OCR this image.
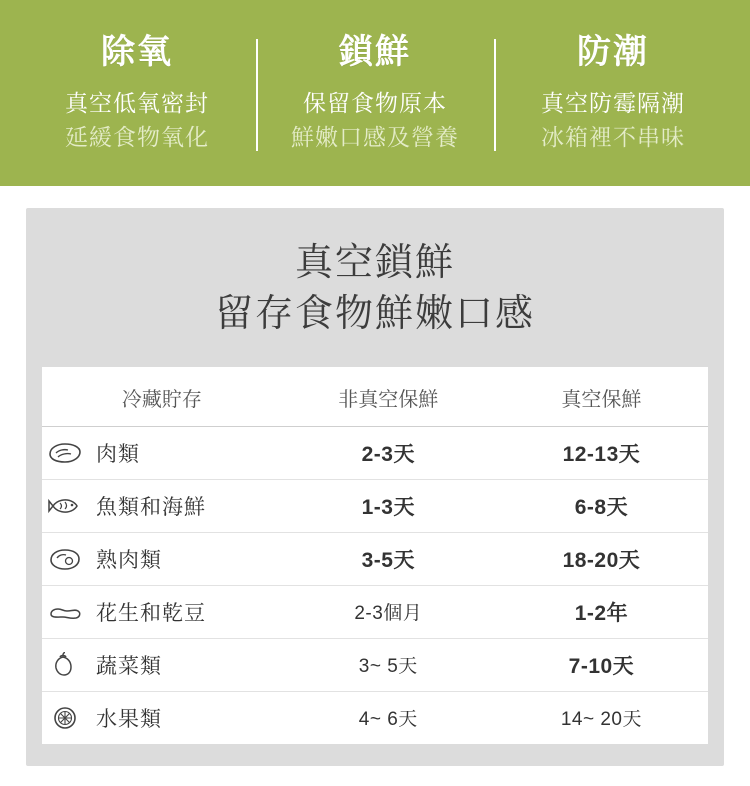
除氧
真空低氧密封
延緩食物氧化
鎖鮮
保留食物原本
鮮嫩口感及營養
防潮
真空防霉隔潮
冰箱裡不串味
真空鎖鮮
留存食物鮮嫩口感
冷藏貯存	非真空保鮮	真空保鮮

肉類	2-3天	12-13天

魚類和海鮮	1-3天	6-8天

熟肉類	3-5天	18-20天

花生和乾豆	2-3個月	1-2年

蔬菜類	3~ 5天	7-10天

水果類	4~ 6天	14~ 20天
